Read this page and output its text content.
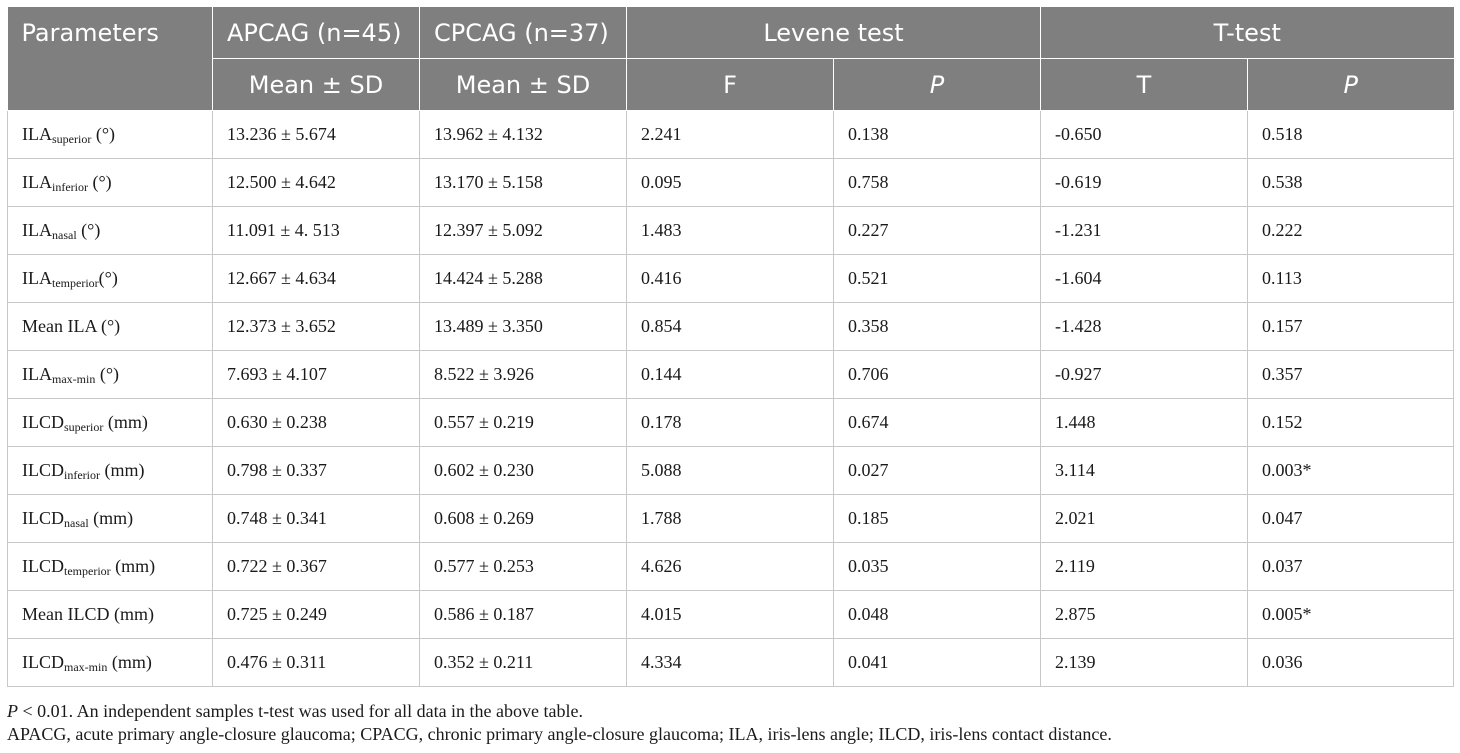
Parameters	APCAG (n=45)	CPCAG (n=37)	Levene test		T-test	
	Mean ± SD	Mean ± SD	F	P	T	P
$ILA_{superior}$ (°)	13.236 ± 5.674	13.962 ± 4.132	2.241	0.138	-0.650	0.518
$ILA_{inferior}$ (°)	12.500 ± 4.642	13.170 ± 5.158	0.095	0.758	-0.619	0.538
$ILA_{nasal}$ (°)	11.091 ± 4. 513	12.397 ± 5.092	1.483	0.227	-1.231	0.222
$ILA_{temperior}(^\circ)$	12.667 ± 4.634	14.424 ± 5.288	0.416	0.521	-1.604	0.113
Mean ILA (°)	12.373 ± 3.652	13.489 ± 3.350	0.854	0.358	-1.428	0.157
$ILA_{max-min}$ (°)	7.693 ± 4.107	8.522 ± 3.926	0.144	0.706	-0.927	0.357
$ILCD_{superior}$ (mm)	0.630 ± 0.238	0.557 ± 0.219	0.178	0.674	1.448	0.152
$ILCD_{inferior}$ (mm)	0.798 ± 0.337	0.602 ± 0.230	5.088	0.027	3.114	0.003*
$ILCD_{nasal}$ (mm)	0.748 ± 0.341	0.608 ± 0.269	1.788	0.185	2.021	0.047
$ILCD_{temperior}$ (mm)	0.722 ± 0.367	0.577 ± 0.253	4.626	0.035	2.119	0.037
Mean ILCD (mm)	0.725 ± 0.249	0.586 ± 0.187	4.015	0.048	2.875	0.005*
$ILCD_{max-min}$ (mm)	0.476 ± 0.311	0.352 ± 0.211	4.334	0.041	2.139	0.036
P < 0.01. An independent samples t-test was used for all data in the above table.
APACG, acute primary angle-closure glaucoma; CPACG, chronic primary angle-closure glaucoma; ILA, iris-lens angle; ILCD, iris-lens contact distance.
